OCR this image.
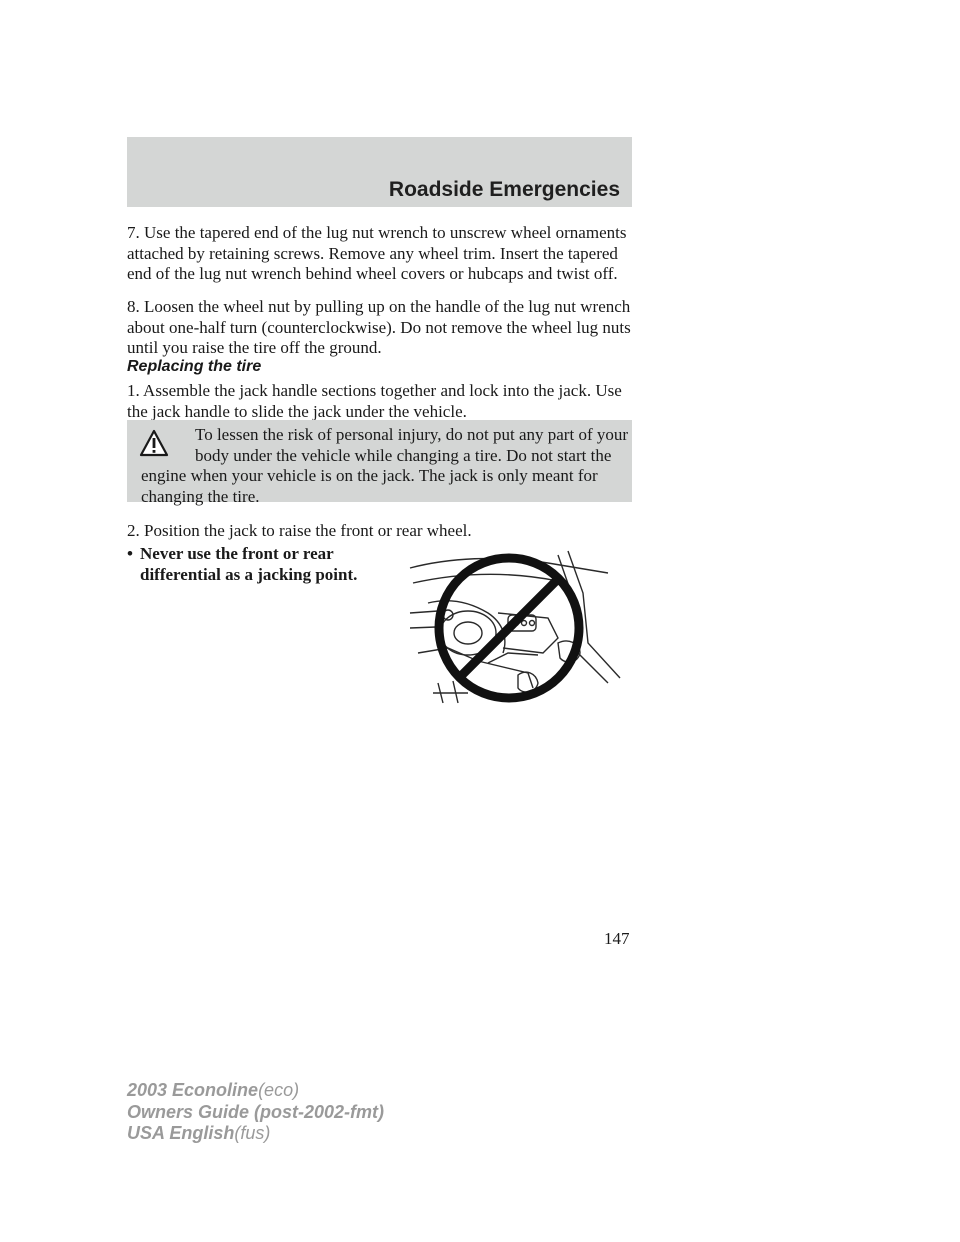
Roadside Emergencies

7. Use the tapered end of the lug nut wrench to unscrew wheel ornaments attached by retaining screws. Remove any wheel trim. Insert the tapered end of the lug nut wrench behind wheel covers or hubcaps and twist off.

8. Loosen the wheel nut by pulling up on the handle of the lug nut wrench about one-half turn (counterclockwise). Do not remove the wheel lug nuts until you raise the tire off the ground.

Replacing the tire

1. Assemble the jack handle sections together and lock into the jack. Use the jack handle to slide the jack under the vehicle.

To lessen the risk of personal injury, do not put any part of your
body under the vehicle while changing a tire. Do not start the engine when your vehicle is on the jack. The jack is only meant for changing the tire.

2. Position the jack to raise the front or rear wheel.

• Never use the front or rear differential as a jacking point.
147
2003 Econoline(eco)
Owners Guide (post-2002-fmt)
USA English(fus)
